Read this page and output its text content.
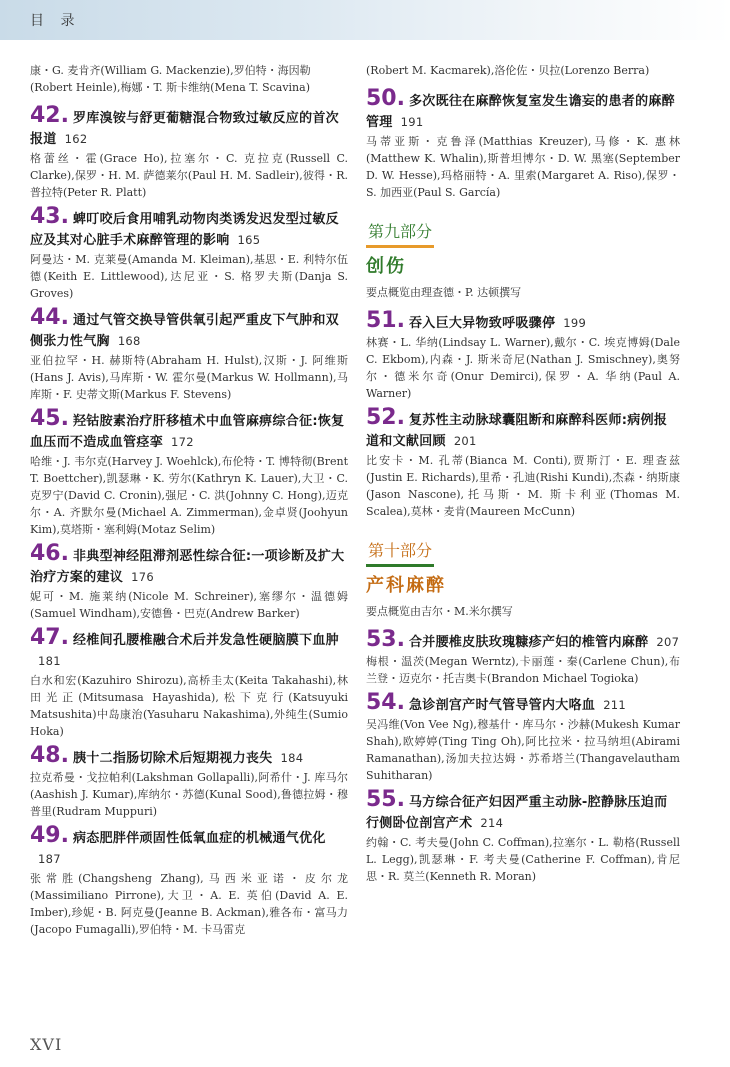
目 录
康・G. 麦肯齐(William G. Mackenzie),罗伯特・海因勒(Robert Heinle),梅娜・T. 斯卡维纳(Mena T. Scavina)
42. 罗库溴铵与舒更葡糖混合物致过敏反应的首次报道 162
格蕾丝・霍(Grace Ho),拉塞尔・C. 克拉克(Russell C. Clarke),保罗・H. M. 萨德莱尔(Paul H. M. Sadleir),彼得・R. 普拉特(Peter R. Platt)
43. 蜱叮咬后食用哺乳动物肉类诱发迟发型过敏反应及其对心脏手术麻醉管理的影响 165
阿曼达・M. 克莱曼(Amanda M. Kleiman),基思・E. 利特尔伍德(Keith E. Littlewood),达尼亚・S. 格罗夫斯(Danja S. Groves)
44. 通过气管交换导管供氧引起严重皮下气肿和双侧张力性气胸 168
亚伯拉罕・H. 赫斯特(Abraham H. Hulst),汉斯・J. 阿维斯(Hans J. Avis),马库斯・W. 霍尔曼(Markus W. Hollmann),马库斯・F. 史蒂文斯(Markus F. Stevens)
45. 羟钴胺素治疗肝移植术中血管麻痹综合征:恢复血压而不造成血管痉挛 172
哈维・J. 韦尔克(Harvey J. Woehlck),布伦特・T. 博特彻(Brent T. Boettcher),凯瑟琳・K. 劳尔(Kathryn K. Lauer),大卫・C. 克罗宁(David C. Cronin),强尼・C. 洪(Johnny C. Hong),迈克尔・A. 齐默尔曼(Michael A. Zimmerman),金卓贤(Joohyun Kim),莫塔斯・塞利姆(Motaz Selim)
46. 非典型神经阻滞剂恶性综合征:一项诊断及扩大治疗方案的建议 176
妮可・M. 施莱纳(Nicole M. Schreiner),塞缪尔・温德姆(Samuel Windham),安德鲁・巴克(Andrew Barker)
47. 经椎间孔腰椎融合术后并发急性硬脑膜下血肿181
白水和宏(Kazuhiro Shirozu),高桥圭太(Keita Takahashi),林田光正(Mitsumasa Hayashida),松下克行(Katsuyuki Matsushita)中岛康治(Yasuharu Nakashima),外纯生(Sumio Hoka)
48. 胰十二指肠切除术后短期视力丧失 184
拉克希曼・戈拉帕利(Lakshman Gollapalli),阿希什・J. 库马尔(Aashish J. Kumar),库纳尔・苏德(Kunal Sood),鲁德拉姆・穆普里(Rudram Muppuri)
49. 病态肥胖伴顽固性低氧血症的机械通气优化187
张常胜(Changsheng Zhang),马西米亚诺・皮尔龙(Massimiliano Pirrone),大卫・A. E. 英伯(David A. E. Imber),珍妮・B. 阿克曼(Jeanne B. Ackman),雅各布・富马力(Jacopo Fumagalli),罗伯特・M. 卡马雷克
(Robert M. Kacmarek),洛伦佐・贝拉(Lorenzo Berra)
50. 多次既往在麻醉恢复室发生谵妄的患者的麻醉管理 191
马蒂亚斯・克鲁泽(Matthias Kreuzer),马修・K. 惠林(Matthew K. Whalin),斯普坦博尔・D. W. 黑塞(September D. W. Hesse),玛格丽特・A. 里索(Margaret A. Riso),保罗・S. 加西亚(Paul S. García)
第九部分
创伤
要点概览由理查德・P. 达顿撰写
51. 吞入巨大异物致呼吸骤停 199
林赛・L. 华纳(Lindsay L. Warner),戴尔・C. 埃克博姆(Dale C. Ekbom),内森・J. 斯米奇尼(Nathan J. Smischney),奥努尔・德米尔奇(Onur Demirci),保罗・A. 华纳(Paul A. Warner)
52. 复苏性主动脉球囊阻断和麻醉科医师:病例报道和文献回顾 201
比安卡・M. 孔蒂(Bianca M. Conti),贾斯汀・E. 理查兹(Justin E. Richards),里希・孔迪(Rishi Kundi),杰森・纳斯康(Jason Nascone),托马斯・M. 斯卡利亚(Thomas M. Scalea),莫林・麦肯(Maureen McCunn)
第十部分
产科麻醉
要点概览由吉尔・M.米尔撰写
53. 合并腰椎皮肤玫瑰糠疹产妇的椎管内麻醉 207
梅根・温茨(Megan Werntz),卡丽莲・秦(Carlene Chun),布兰登・迈克尔・托吉奥卡(Brandon Michael Togioka)
54. 急诊剖宫产时气管导管内大咯血 211
吴冯维(Von Vee Ng),穆基什・库马尔・沙赫(Mukesh Kumar Shah),欧婷婷(Ting Ting Oh),阿比拉米・拉马纳坦(Abirami Ramanathan),汤加夫拉达姆・苏希塔兰(Thangavelautham Suhitharan)
55. 马方综合征产妇因严重主动脉-腔静脉压迫而行侧卧位剖宫产术 214
约翰・C. 考夫曼(John C. Coffman),拉塞尔・L. 勒格(Russell L. Legg),凯瑟琳・F. 考夫曼(Catherine F. Coffman),肯尼思・R. 莫兰(Kenneth R. Moran)
XVI
